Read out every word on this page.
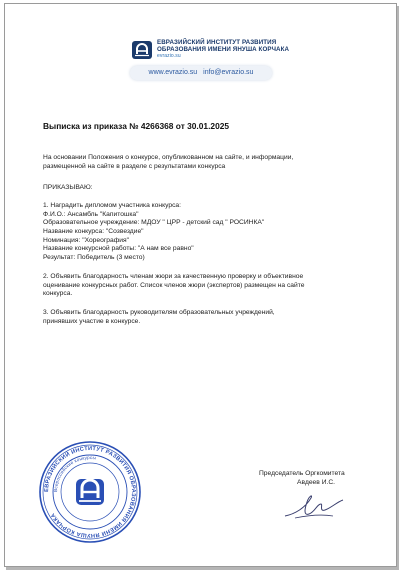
ЕВРАЗИЙСКИЙ ИНСТИТУТ РАЗВИТИЯ
ОБРАЗОВАНИЯ ИМЕНИ ЯНУША КОРЧАКА
evrazio.su
www.evrazio.su info@evrazio.su
Выписка из приказа № 4266368 от 30.01.2025
На основании Положения о конкурсе, опубликованном на сайте, и информации,
размещенной на сайте в разделе с результатами конкурса
ПРИКАЗЫВАЮ:
1. Наградить дипломом участника конкурса:
Ф.И.О.: Ансамбль "Капитошка"
Образовательное учреждение: МДОУ " ЦРР - детский сад " РОСИНКА"
Название конкурса: "Созвездие"
Номинация: "Хореография"
Название конкурсной работы: "А нам все равно"
Результат: Победитель (3 место)
2. Объявить благодарность членам жюри за качественную проверку и объективное
оценивание конкурсных работ. Список членов жюри (экспертов) размещен на сайте
конкурса.
3. Объявить благодарность руководителям образовательных учреждений,
принявших участие в конкурсе.
Председатель Оргкомитета
Авдеев И.С.
ЕВРАЗИЙСКИЙ ИНСТИТУТ РАЗВИТИЯ ОБРАЗОВАНИЯ ИМЕНИ ЯНУША КОРЧАКА
Всероссийские конкурсы
